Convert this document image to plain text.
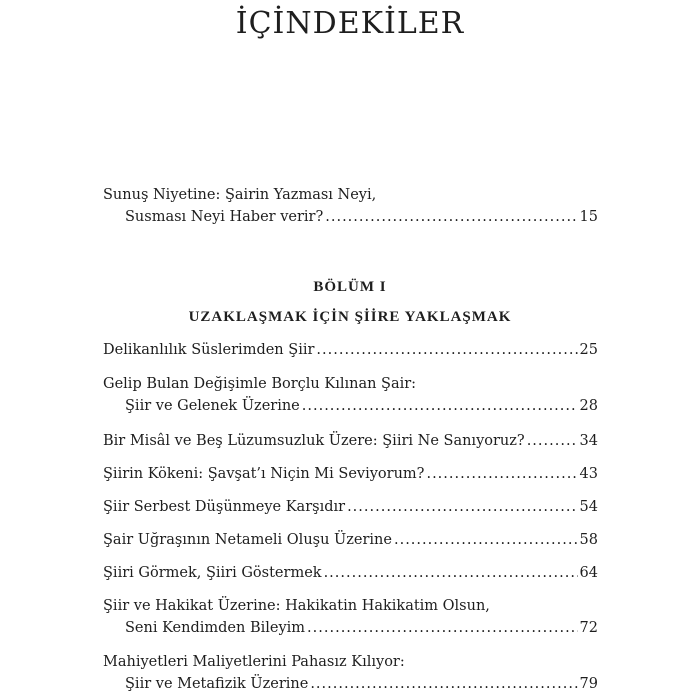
İÇİNDEKİLER
Sunuş Niyetine: Şairin Yazması Neyi,
Susması Neyi Haber verir? .....	15
BÖLÜM I
UZAKLAŞMAK İÇİN ŞİİRE YAKLAŞMAK
Delikanlılık Süslerimden Şiir .....	25
Gelip Bulan Değişimle Borçlu Kılınan Şair:
Şiir ve Gelenek Üzerine .....	28
Bir Misâl ve Beş Lüzumsuzluk Üzere: Şiiri Ne Sanıyoruz? .....	34
Şiirin Kökeni: Şavşat’ı Niçin Mi Seviyorum? .....	43
Şiir Serbest Düşünmeye Karşıdır .....	54
Şair Uğraşının Netameli Oluşu Üzerine .....	58
Şiiri Görmek, Şiiri Göstermek .....	64
Şiir ve Hakikat Üzerine: Hakikatin Hakikatim Olsun,
Seni Kendimden Bileyim .....	72
Mahiyetleri Maliyetlerini Pahasız Kılıyor:
Şiir ve Metafizik Üzerine .....	79
